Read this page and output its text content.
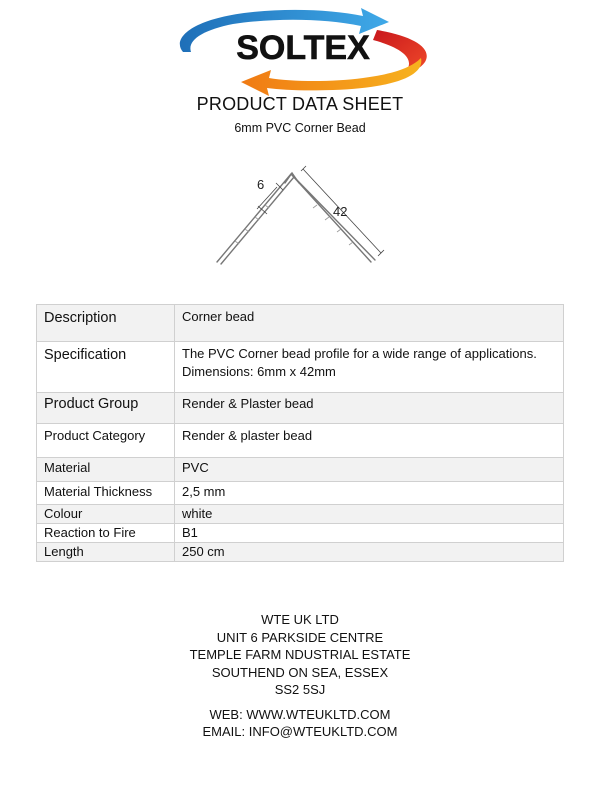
SOLTEX
PRODUCT DATA SHEET
6mm PVC Corner Bead
6
42
Description	Corner bead
Specification	The PVC Corner bead profile for a wide range of applications.
Dimensions: 6mm x 42mm

Product Group	Render & Plaster bead
Product Category	Render & plaster bead
Material	PVC
Material Thickness	2,5 mm
Colour	white
Reaction to Fire	B1
Length	250 cm
WTE UK LTD
UNIT 6 PARKSIDE CENTRE
TEMPLE FARM NDUSTRIAL ESTATE
SOUTHEND ON SEA, ESSEX
SS2 5SJ
WEB: WWW.WTEUKLTD.COM
EMAIL: INFO@WTEUKLTD.COM
